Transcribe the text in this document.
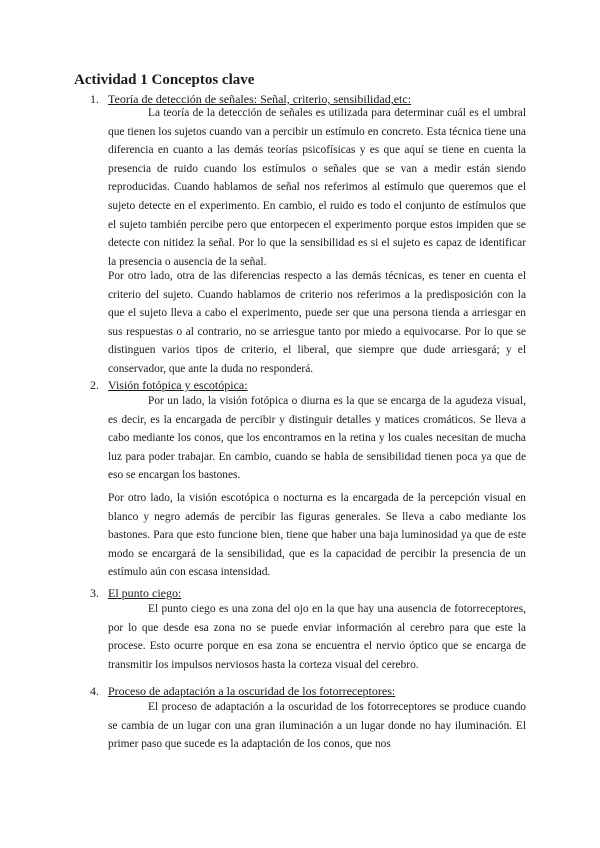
Actividad 1 Conceptos clave
1. Teoría de detección de señales: Señal, criterio, sensibilidad,etc:

La teoría de la detección de señales es utilizada para determinar cuál es el umbral que tienen los sujetos cuando van a percibir un estímulo en concreto. Esta técnica tiene una diferencia en cuanto a las demás teorías psicofísicas y es que aquí se tiene en cuenta la presencia de ruido cuando los estímulos o señales que se van a medir están siendo reproducidas. Cuando hablamos de señal nos referimos al estímulo que queremos que el sujeto detecte en el experimento. En cambio, el ruido es todo el conjunto de estímulos que el sujeto también percibe pero que entorpecen el experimento porque estos impiden que se detecte con nitidez la señal. Por lo que la sensibilidad es si el sujeto es capaz de identificar la presencia o ausencia de la señal.

Por otro lado, otra de las diferencias respecto a las demás técnicas, es tener en cuenta el criterio del sujeto. Cuando hablamos de criterio nos referimos a la predisposición con la que el sujeto lleva a cabo el experimento, puede ser que una persona tienda a arriesgar en sus respuestas o al contrario, no se arriesgue tanto por miedo a equivocarse. Por lo que se distinguen varios tipos de criterio, el liberal, que siempre que dude arriesgará; y el conservador, que ante la duda no responderá.

2. Visión fotópica y escotópica:

Por un lado, la visión fotópica o diurna es la que se encarga de la agudeza visual, es decir, es la encargada de percibir y distinguir detalles y matices cromáticos. Se lleva a cabo mediante los conos, que los encontramos en la retina y los cuales necesitan de mucha luz para poder trabajar. En cambio, cuando se habla de sensibilidad tienen poca ya que de eso se encargan los bastones.

Por otro lado, la visión escotópica o nocturna es la encargada de la percepción visual en blanco y negro además de percibir las figuras generales. Se lleva a cabo mediante los bastones. Para que esto funcione bien, tiene que haber una baja luminosidad ya que de este modo se encargará de la sensibilidad, que es la capacidad de percibir la presencia de un estímulo aún con escasa intensidad.

3. El punto ciego:

El punto ciego es una zona del ojo en la que hay una ausencia de fotorreceptores, por lo que desde esa zona no se puede enviar información al cerebro para que este la procese. Esto ocurre porque en esa zona se encuentra el nervio óptico que se encarga de transmitir los impulsos nerviosos hasta la corteza visual del cerebro.

4. Proceso de adaptación a la oscuridad de los fotorreceptores:

El proceso de adaptación a la oscuridad de los fotorreceptores se produce cuando se cambia de un lugar con una gran iluminación a un lugar donde no hay iluminación. El primer paso que sucede es la adaptación de los conos, que nos
